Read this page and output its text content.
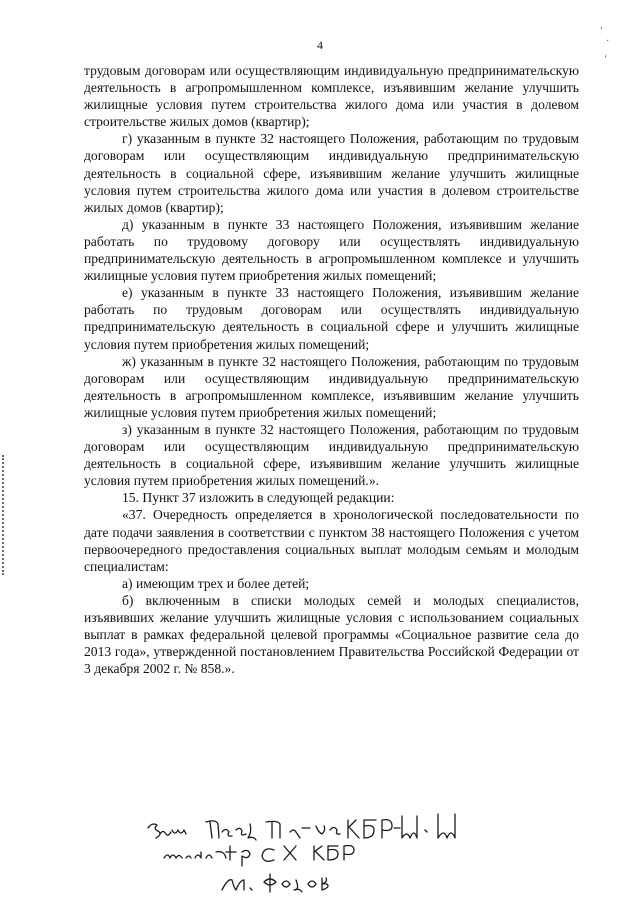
4
,
·
ʻ

трудовым договорам или осуществляющим индивидуальную предпринимательскую деятельность в агропромышленном комплексе, изъявившим желание улучшить жилищные условия путем строительства жилого дома или участия в долевом строительстве жилых домов (квартир);

г) указанным в пункте 32 настоящего Положения, работающим по трудовым договорам или осуществляющим индивидуальную предпринимательскую деятельность в социальной сфере, изъявившим желание улучшить жилищные условия путем строительства жилого дома или участия в долевом строительстве жилых домов (квартир);

д) указанным в пункте 33 настоящего Положения, изъявившим желание работать по трудовому договору или осуществлять индивидуальную предпринимательскую деятельность в агропромышленном комплексе и улучшить жилищные условия путем приобретения жилых помещений;

е) указанным в пункте 33 настоящего Положения, изъявившим желание работать по трудовым договорам или осуществлять индивидуальную предпринимательскую деятельность в социальной сфере и улучшить жилищные условия путем приобретения жилых помещений;

ж) указанным в пункте 32 настоящего Положения, работающим по трудовым договорам или осуществляющим индивидуальную предпринимательскую деятельность в агропромышленном комплексе, изъявившим желание улучшить жилищные условия путем приобретения жилых помещений;

з) указанным в пункте 32 настоящего Положения, работающим по трудовым договорам или осуществляющим индивидуальную предпринимательскую деятельность в социальной сфере, изъявившим желание улучшить жилищные условия путем приобретения жилых помещений.».

15. Пункт 37 изложить в следующей редакции:

«37. Очередность определяется в хронологической последовательности по дате подачи заявления в соответствии с пунктом 38 настоящего Положения с учетом первоочередного предоставления социальных выплат молодым семьям и молодым специалистам:

а) имеющим трех и более детей;

б) включенным в списки молодых семей и молодых специалистов, изъявивших желание улучшить жилищные условия с использованием социальных выплат в рамках федеральной целевой программы «Социальное развитие села до 2013 года», утвержденной постановлением Правительства Российской Федерации от 3 декабря 2002 г. № 858.».
